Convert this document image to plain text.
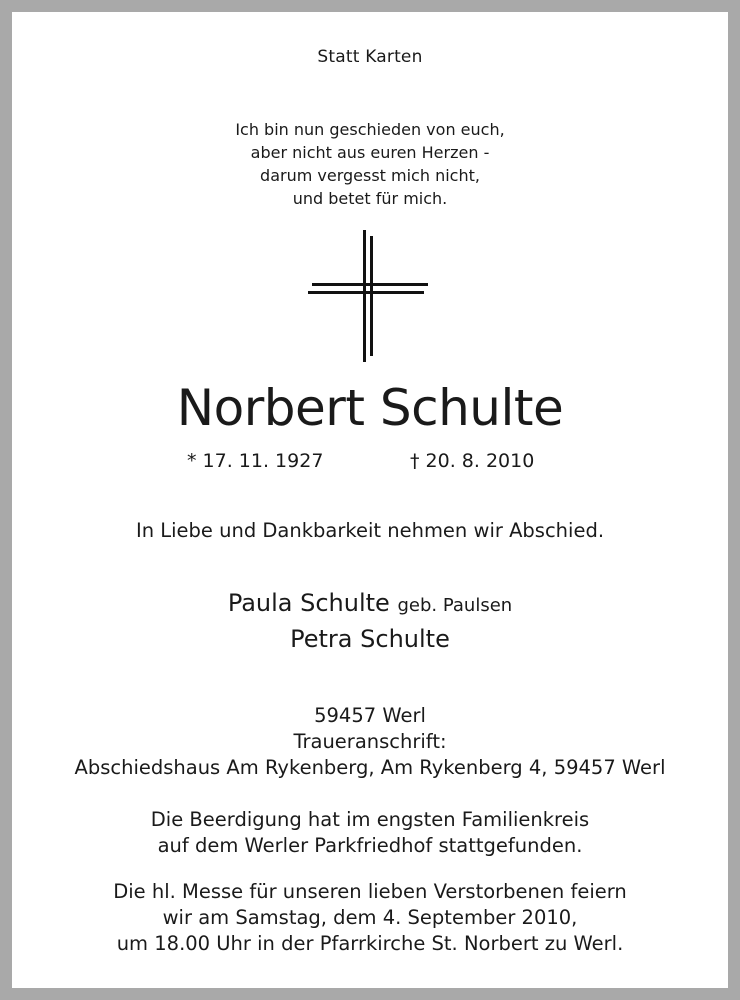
Statt Karten
Ich bin nun geschieden von euch,
aber nicht aus euren Herzen -
darum vergesst mich nicht,
und betet für mich.
Norbert Schulte
* 17. 11. 1927	† 20. 8. 2010
In Liebe und Dankbarkeit nehmen wir Abschied.
Paula Schulte geb. Paulsen
Petra Schulte
59457 Werl
Traueranschrift:
Abschiedshaus Am Rykenberg, Am Rykenberg 4, 59457 Werl
Die Beerdigung hat im engsten Familienkreis
auf dem Werler Parkfriedhof stattgefunden.
Die hl. Messe für unseren lieben Verstorbenen feiern
wir am Samstag, dem 4. September 2010,
um 18.00 Uhr in der Pfarrkirche St. Norbert zu Werl.
